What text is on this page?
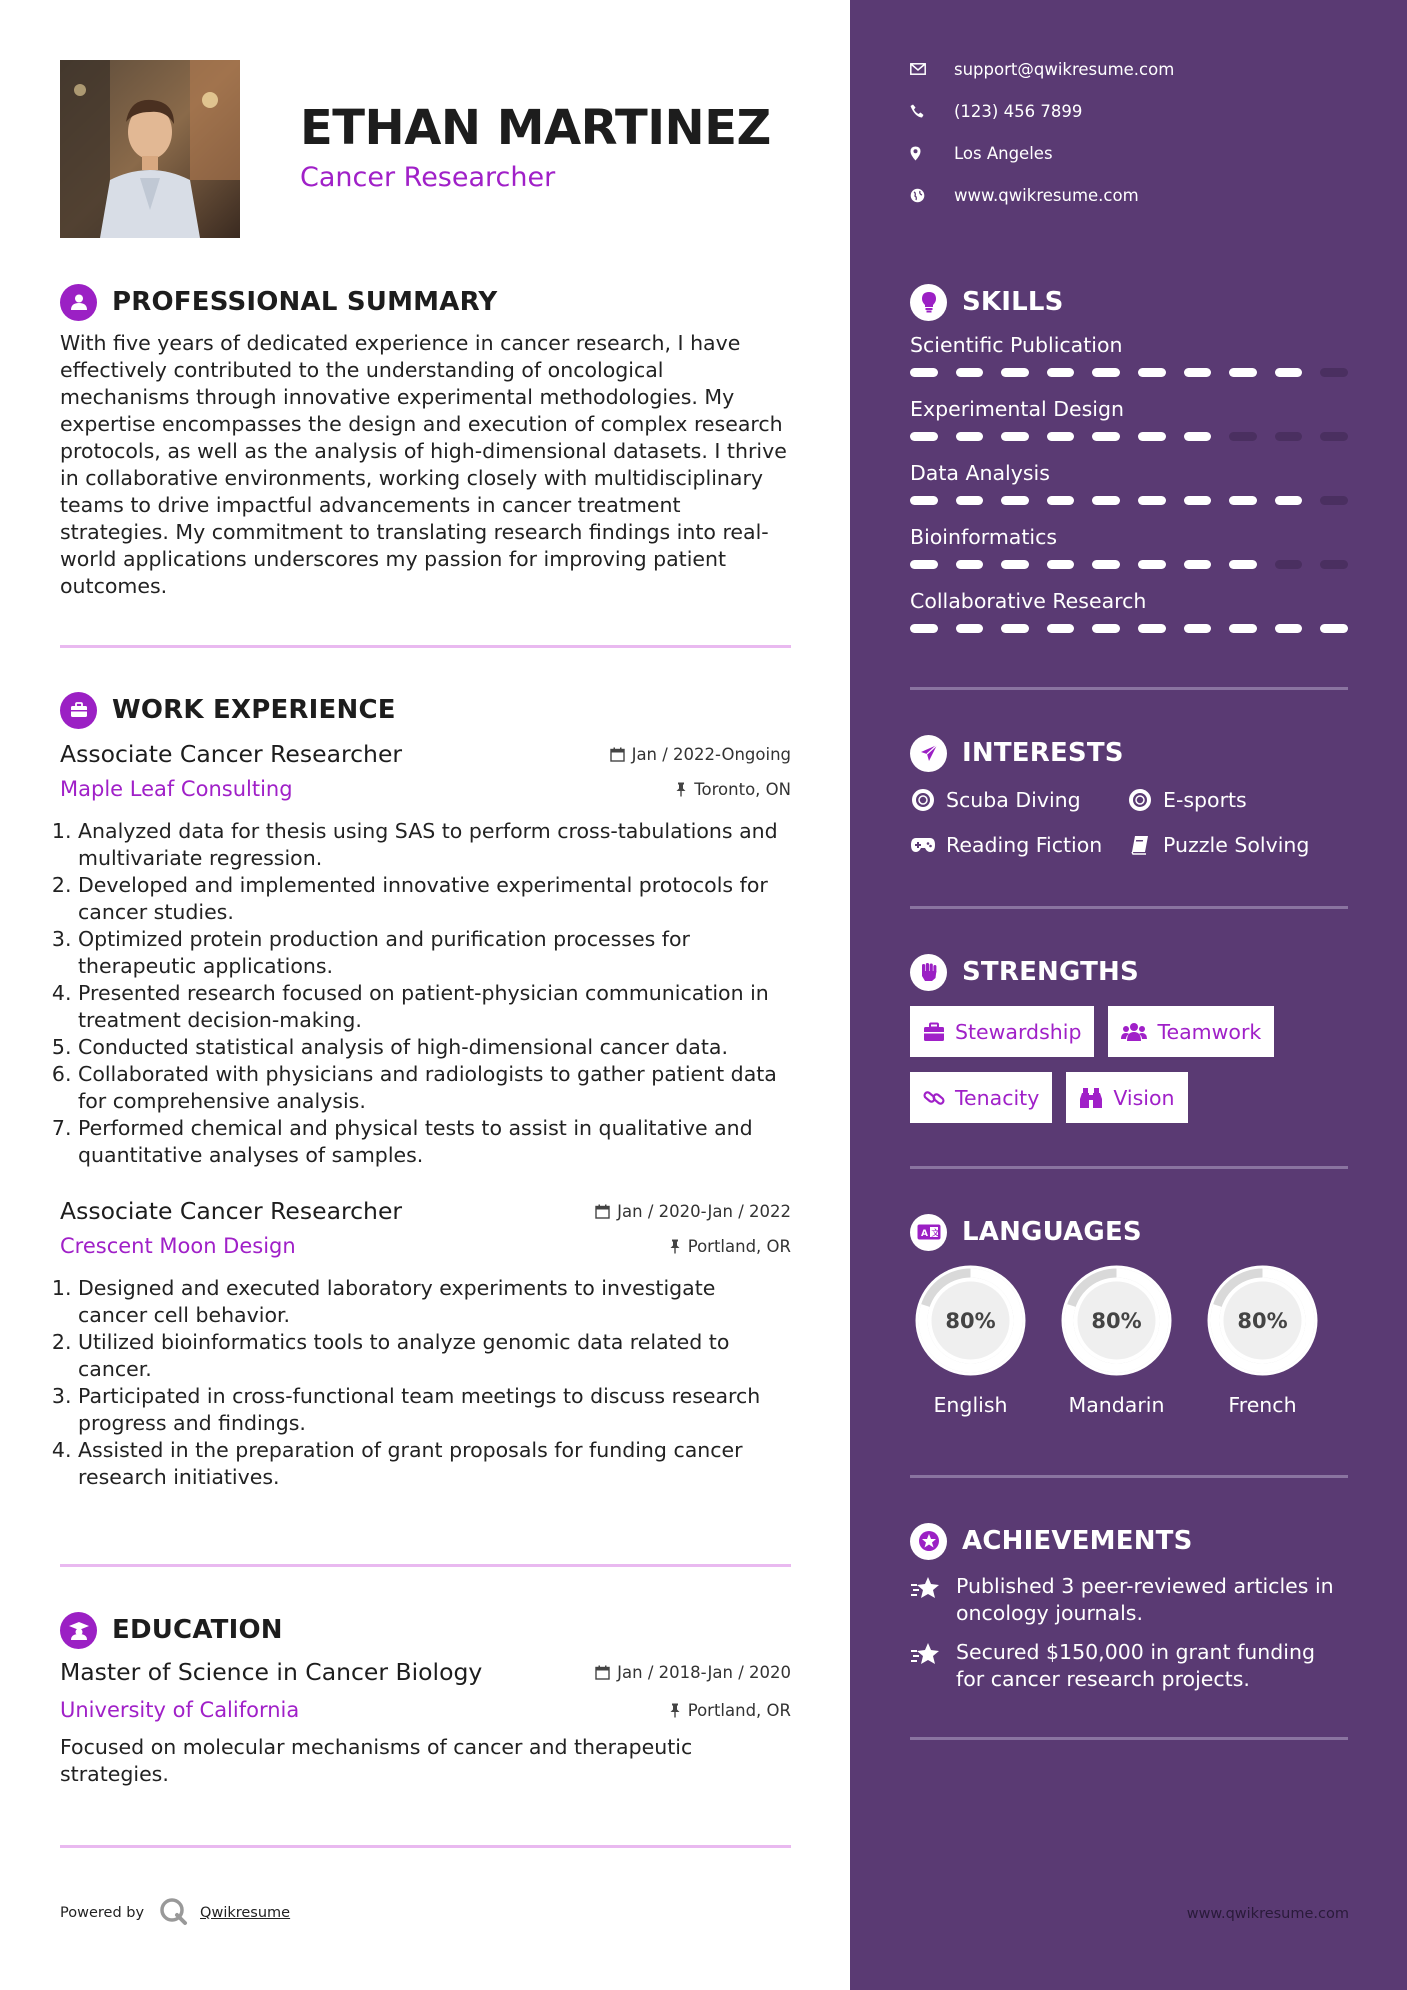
ETHAN MARTINEZ
Cancer Researcher
PROFESSIONAL SUMMARY
With five years of dedicated experience in cancer research, I have effectively contributed to the understanding of oncological mechanisms through innovative experimental methodologies. My expertise encompasses the design and execution of complex research protocols, as well as the analysis of high-dimensional datasets. I thrive in collaborative environments, working closely with multidisciplinary teams to drive impactful advancements in cancer treatment strategies. My commitment to translating research findings into real-world applications underscores my passion for improving patient outcomes.
WORK EXPERIENCE
Associate Cancer Researcher	Jan / 2022-Ongoing
Maple Leaf Consulting	Toronto, ON
1. Analyzed data for thesis using SAS to perform cross-tabulations and multivariate regression.
2. Developed and implemented innovative experimental protocols for cancer studies.
3. Optimized protein production and purification processes for therapeutic applications.
4. Presented research focused on patient-physician communication in treatment decision-making.
5. Conducted statistical analysis of high-dimensional cancer data.
6. Collaborated with physicians and radiologists to gather patient data for comprehensive analysis.
7. Performed chemical and physical tests to assist in qualitative and quantitative analyses of samples.
Associate Cancer Researcher	Jan / 2020-Jan / 2022
Crescent Moon Design	Portland, OR
1. Designed and executed laboratory experiments to investigate cancer cell behavior.
2. Utilized bioinformatics tools to analyze genomic data related to cancer.
3. Participated in cross-functional team meetings to discuss research progress and findings.
4. Assisted in the preparation of grant proposals for funding cancer research initiatives.
EDUCATION
Master of Science in Cancer Biology	Jan / 2018-Jan / 2020
University of California	Portland, OR
Focused on molecular mechanisms of cancer and therapeutic strategies.
Powered by	Qwikresume
support@qwikresume.com
(123) 456 7899
Los Angeles
www.qwikresume.com
SKILLS
Scientific Publication
Experimental Design
Data Analysis
Bioinformatics
Collaborative Research
INTERESTS
Scuba Diving	E-sports
Reading Fiction	Puzzle Solving
STRENGTHS
Stewardship	Teamwork
Tenacity	Vision
A 文 LANGUAGES
80%
English
80%
Mandarin
80%
French
ACHIEVEMENTS
Published 3 peer-reviewed articles in oncology journals.
Secured $150,000 in grant funding for cancer research projects.
www.qwikresume.com
